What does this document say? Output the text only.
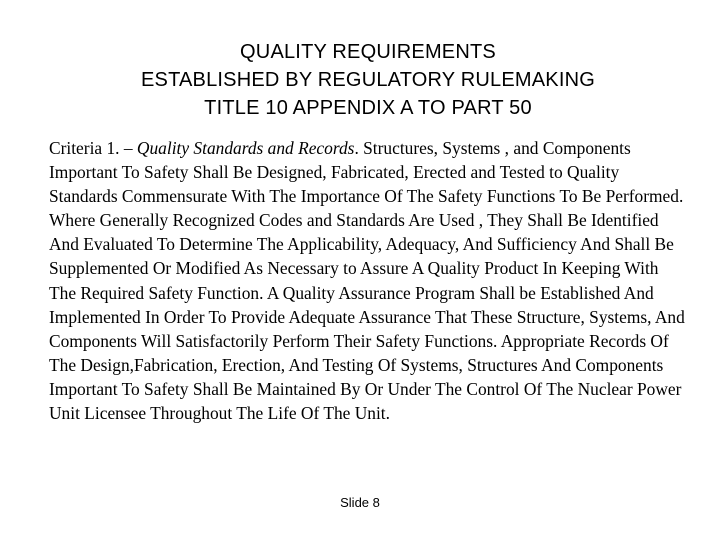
QUALITY REQUIREMENTS
ESTABLISHED BY REGULATORY RULEMAKING
TITLE 10 APPENDIX A TO PART 50
Criteria 1. – Quality Standards and Records. Structures, Systems , and Components Important To Safety Shall Be Designed, Fabricated, Erected and Tested to Quality Standards Commensurate With The Importance Of The Safety Functions To Be Performed. Where Generally Recognized Codes and Standards Are Used , They Shall Be Identified And Evaluated To Determine The Applicability, Adequacy, And Sufficiency And Shall Be Supplemented Or Modified As Necessary to Assure A Quality Product In Keeping With The Required Safety Function. A Quality Assurance Program Shall be Established And Implemented In Order To Provide Adequate Assurance That These Structure, Systems, And Components Will Satisfactorily Perform Their Safety Functions. Appropriate Records Of The Design,Fabrication, Erection, And Testing Of Systems, Structures And Components Important To Safety Shall Be Maintained By Or Under The Control Of The Nuclear Power Unit Licensee Throughout The Life Of The Unit.
Slide 8
